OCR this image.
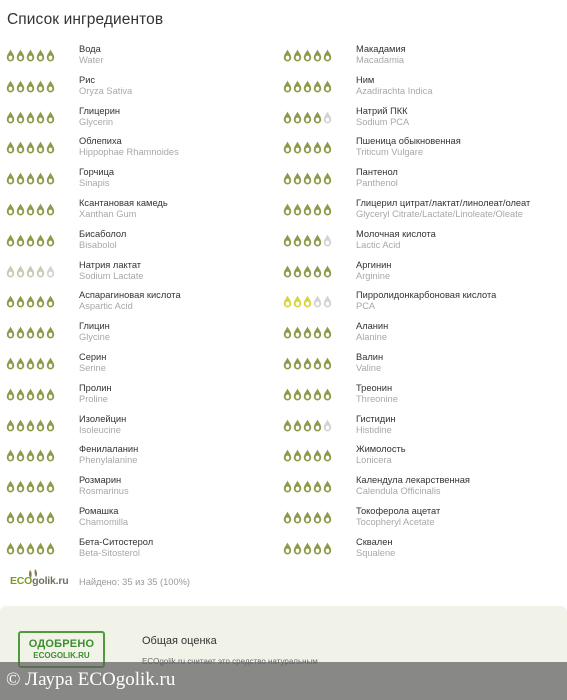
Список ингредиентов
Вода
Water
Рис
Oryza Sativa
Глицерин
Glycerin
Облепиха
Hippophae Rhamnoides
Горчица
Sinapis
Ксантановая камедь
Xanthan Gum
Бисаболол
Bisabolol
Натрия лактат
Sodium Lactate
Аспарагиновая кислота
Aspartic Acid
Глицин
Glycine
Серин
Serine
Пролин
Proline
Изолейцин
Isoleucine
Фенилаланин
Phenylalanine
Розмарин
Rosmarinus
Ромашка
Chamomilla
Бета-Ситостерол
Beta-Sitosterol
Макадамия
Macadamia
Ним
Azadirachta Indica
Натрий ПКК
Sodium PCA
Пшеница обыкновенная
Triticum Vulgare
Пантенол
Panthenol
Глицерил цитрат/лактат/линолеат/олеат
Glyceryl Citrate/Lactate/Linoleate/Oleate
Молочная кислота
Lactic Acid
Аргинин
Arginine
Пирролидонкарбоновая кислота
PCA
Аланин
Alanine
Валин
Valine
Треонин
Threonine
Гистидин
Histidine
Жимолость
Lonicera
Календула лекарственная
Calendula Officinalis
Токоферола ацетат
Tocopheryl Acetate
Сквален
Squalene
ECOgolik.ru Найдено: 35 из 35 (100%)
ОДОБРЕНО
ECOGOLIK.RU
Общая оценка
© Лаура ECOgolik.ru
